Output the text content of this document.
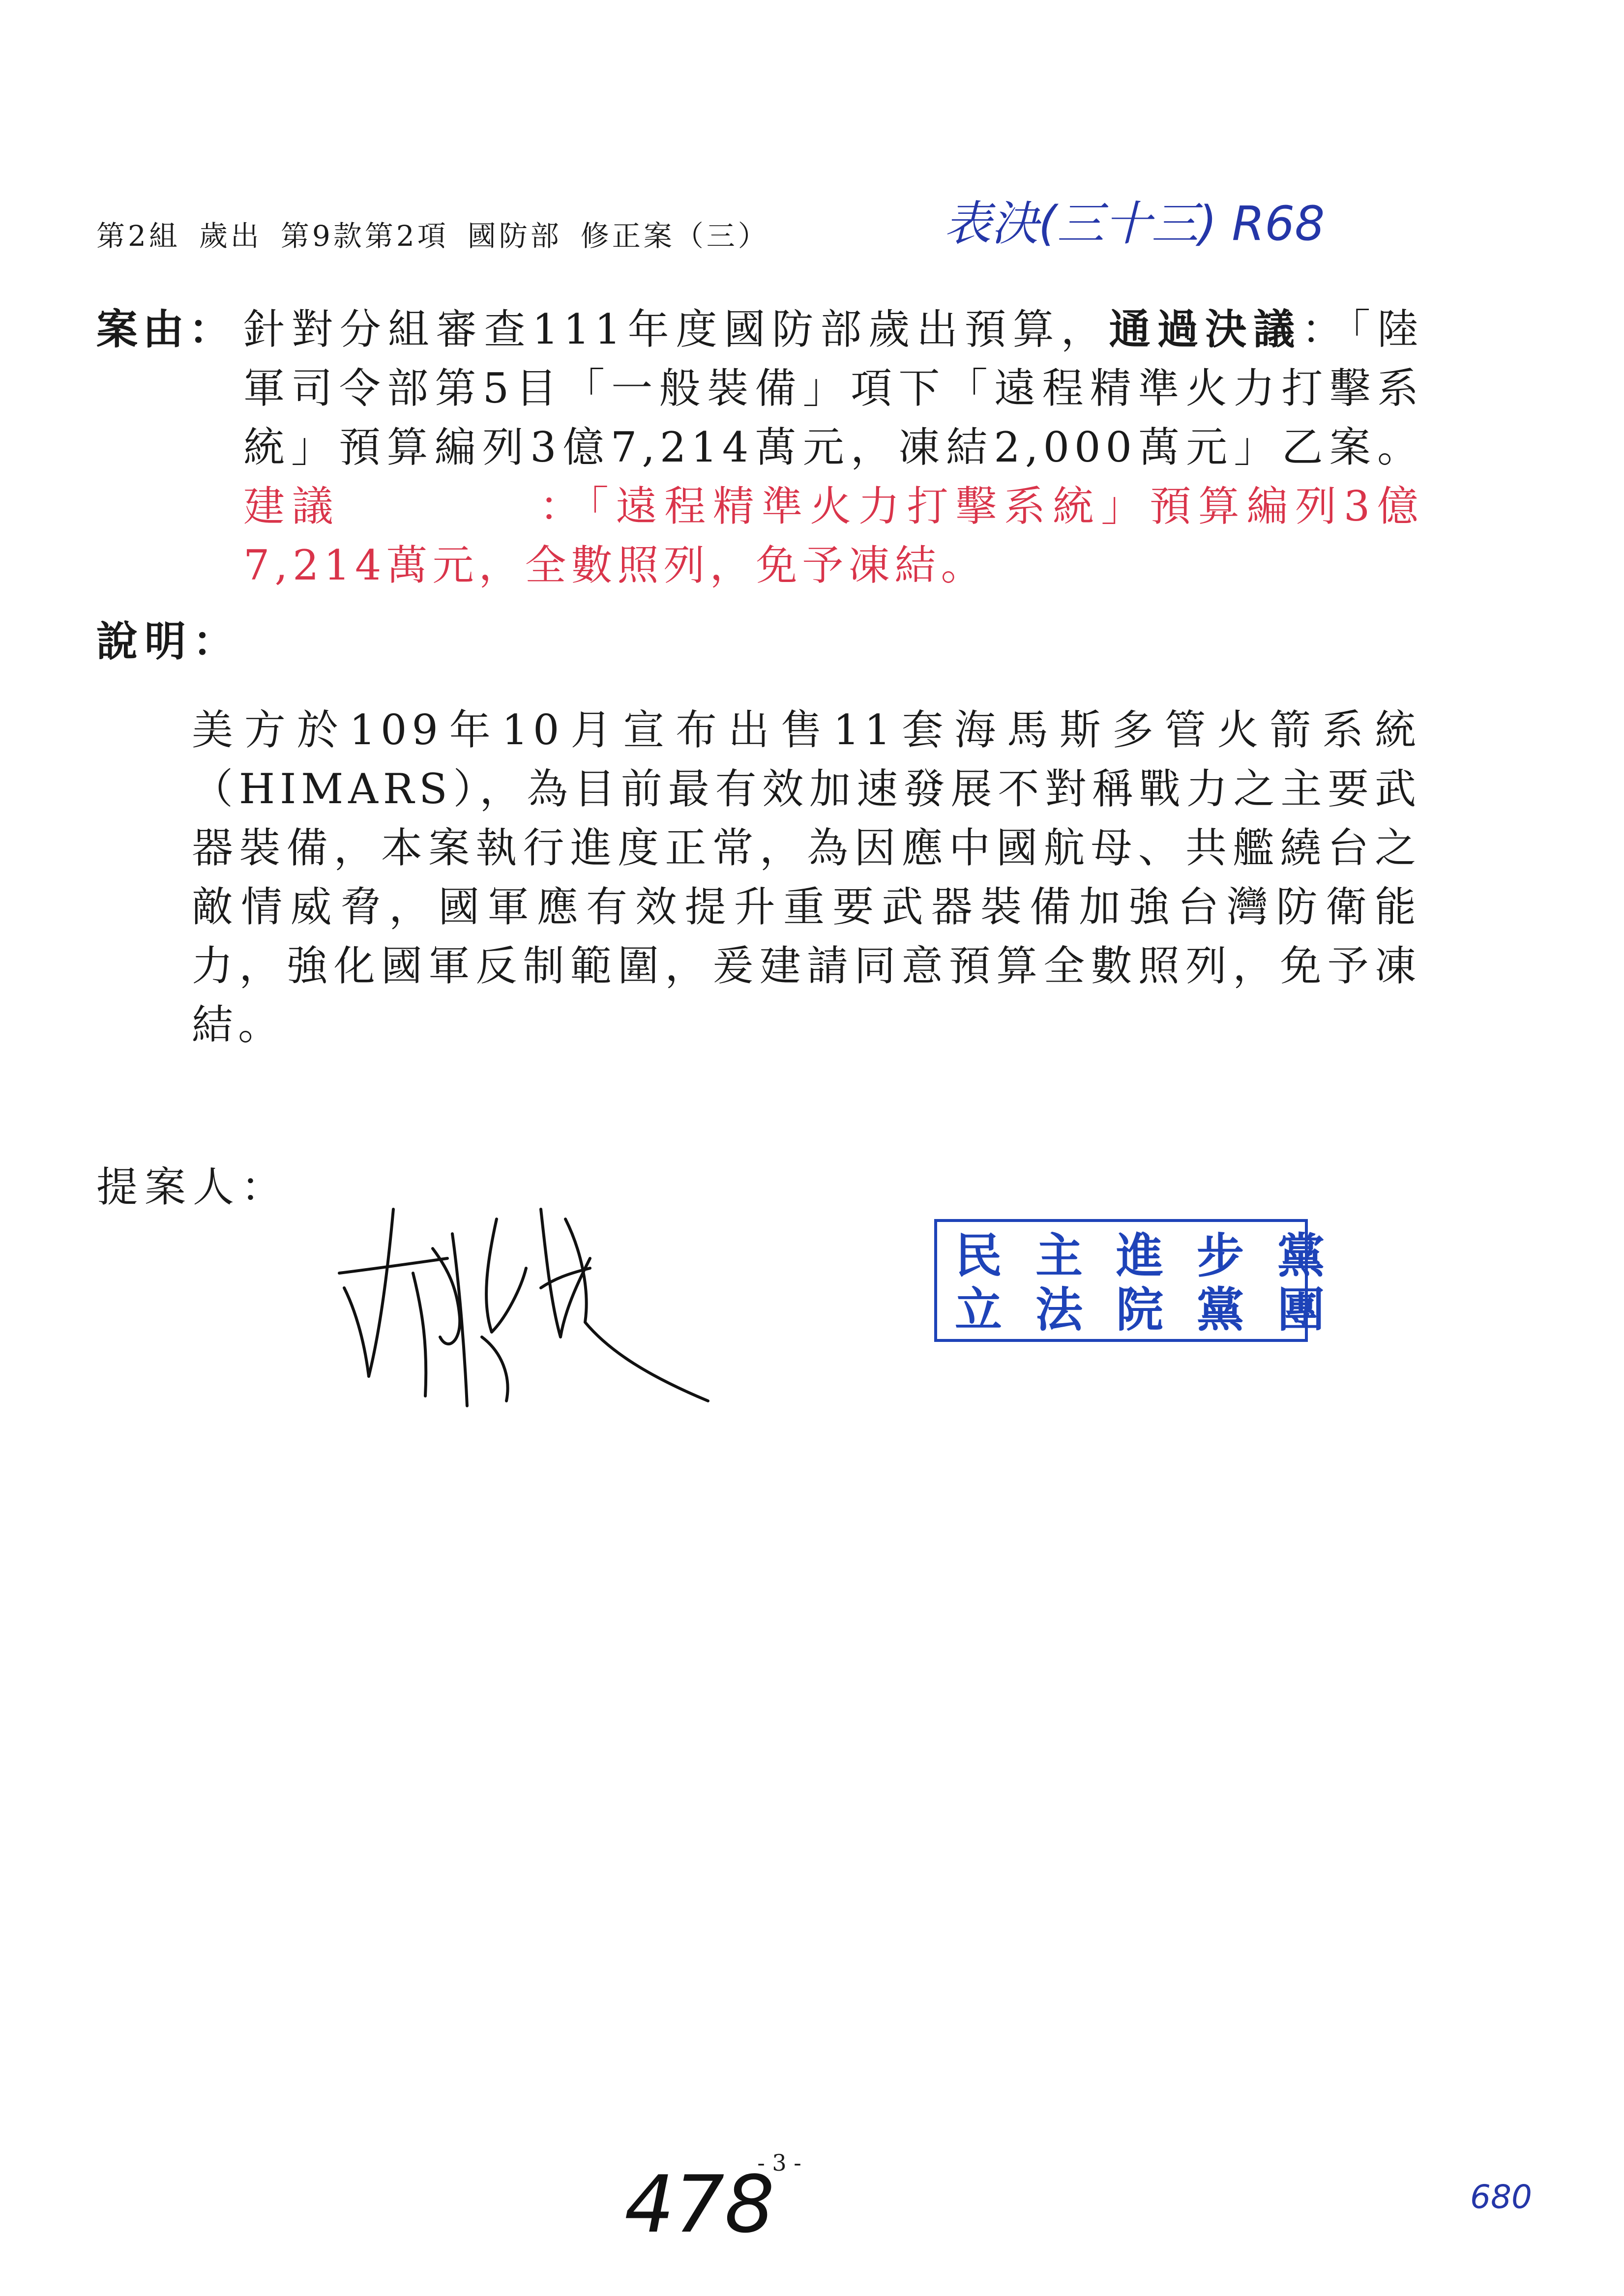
第2組 歲出 第9款第2項 國防部 修正案（三）	表決(三十三) R68
案由： 針對分組審查111年度國防部歲出預算，通過決議：「陸軍司令部第5目「一般裝備」項下「遠程精準火力打擊系統」預算編列3億7,214萬元，凍結2,000萬元」乙案。建議	：「遠程精準火力打擊系統」預算編列3億7,214萬元，全數照列，免予凍結。
說明：
美方於109年10月宣布出售11套海馬斯多管火箭系統（HIMARS），為目前最有效加速發展不對稱戰力之主要武器裝備，本案執行進度正常，為因應中國航母、共艦繞台之敵情威脅，國軍應有效提升重要武器裝備加強台灣防衛能力，強化國軍反制範圍，爰建請同意預算全數照列，免予凍結。
提案人：
民主進步黨
立法院黨團
- 3 -
478	680
